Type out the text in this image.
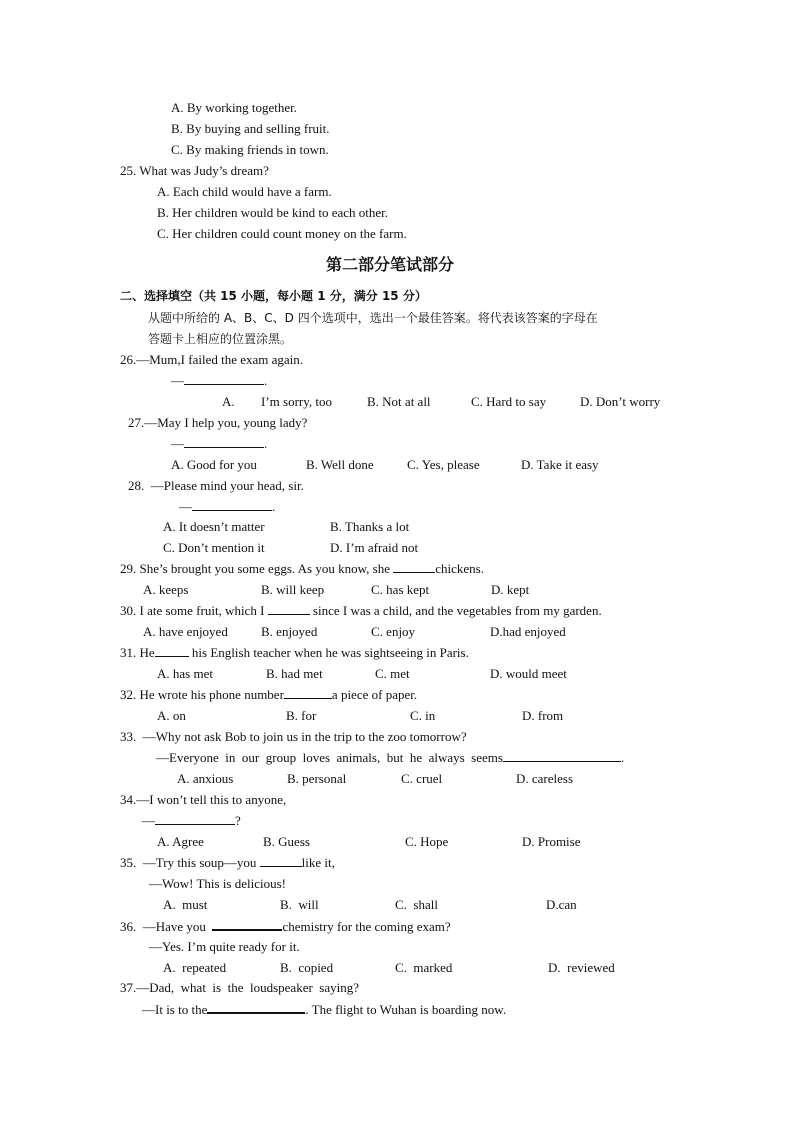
A. By working together.
B. By buying and selling fruit.
C. By making friends in town.
25. What was Judy’s dream?
A. Each child would have a farm.
B. Her children would be kind to each other.
C. Her children could count money on the farm.
第二部分笔试部分
二、选择填空（共 15 小题，每小题 1 分，满分 15 分）
从题中所给的 A、B、C、D 四个选项中，选出一个最佳答案。将代表该答案的字母在
答题卡上相应的位置涂黑。
26.—Mum,I failed the exam again.
—	.
A. I’m sorry, too	B. Not at all	C. Hard to say	D. Don’t worry
27.—May I help you, young lady?
—	.
A. Good for you	B. Well done	C. Yes, please	D. Take it easy
28.  —Please mind your head, sir.
—	.
A. It doesn’t matter	B. Thanks a lot
C. Don’t mention it	D. I’m afraid not
29. She’s brought you some eggs. As you know, she	chickens.
A. keeps	B. will keep	C. has kept	D. kept
30. I ate some fruit, which I	since I was a child, and the vegetables from my garden.
A. have enjoyed	B. enjoyed	C. enjoy	D.had enjoyed
31. He	his English teacher when he was sightseeing in Paris.
A. has met	B. had met	C. met	D. would meet
32. He wrote his phone number	a piece of paper.
A. on	B. for	C. in	D. from
33.  —Why not ask Bob to join us in the trip to the zoo tomorrow?
—Everyone  in  our  group  loves  animals,  but  he  always  seems	.
A. anxious	B. personal	C. cruel	D. careless
34.—I won’t tell this to anyone,
—	?
A. Agree	B. Guess	C. Hope	D. Promise
35.  —Try this soup—you	like it,
—Wow! This is delicious!
A.  must	B.  will	C.  shall	D.can
36.  —Have you	chemistry for the coming exam?
—Yes. I’m quite ready for it.
A.  repeated	B.  copied	C.  marked	D.  reviewed
37.—Dad,  what  is  the  loudspeaker  saying?
—It is to the	. The flight to Wuhan is boarding now.
